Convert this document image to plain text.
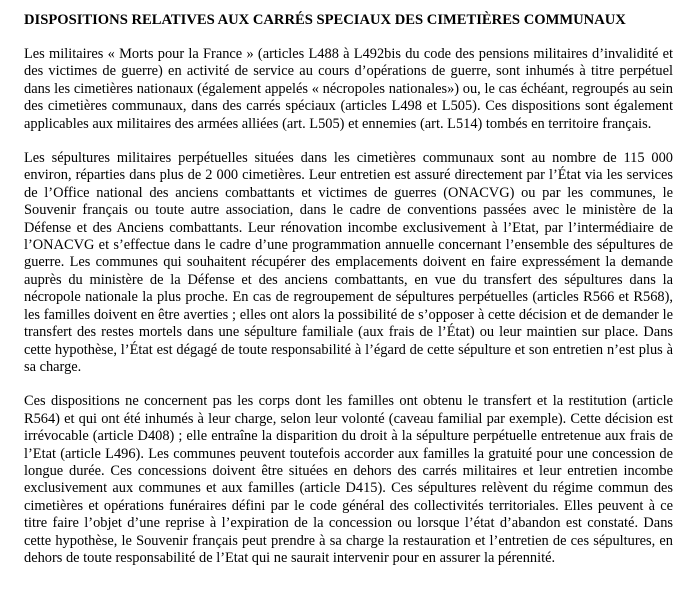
DISPOSITIONS RELATIVES AUX CARRÉS SPECIAUX DES CIMETIÈRES COMMUNAUX

Les militaires « Morts pour la France » (articles L488 à L492bis du code des pensions militaires d’invalidité et des victimes de guerre) en activité de service au cours d’opérations de guerre, sont inhumés à titre perpétuel dans les cimetières nationaux (également appelés « nécropoles nationales») ou, le cas échéant, regroupés au sein des cimetières communaux, dans des carrés spéciaux (articles L498 et L505). Ces dispositions sont également applicables aux militaires des armées alliées (art. L505) et ennemies (art. L514) tombés en territoire français.

Les sépultures militaires perpétuelles situées dans les cimetières communaux sont au nombre de 115 000 environ, réparties dans plus de 2 000 cimetières. Leur entretien est assuré directement par l’État via les services de l’Office national des anciens combattants et victimes de guerres (ONACVG) ou par les communes, le Souvenir français ou toute autre association, dans le cadre de conventions passées avec le ministère de la Défense et des Anciens combattants. Leur rénovation incombe exclusivement à l’Etat, par l’intermédiaire de l’ONACVG et s’effectue dans le cadre d’une programmation annuelle concernant l’ensemble des sépultures de guerre. Les communes qui souhaitent récupérer des emplacements doivent en faire expressément la demande auprès du ministère de la Défense et des anciens combattants, en vue du transfert des sépultures dans la nécropole nationale la plus proche. En cas de regroupement de sépultures perpétuelles (articles R566 et R568), les familles doivent en être averties ; elles ont alors la possibilité de s’opposer à cette décision et de demander le transfert des restes mortels dans une sépulture familiale (aux frais de l’État) ou leur maintien sur place. Dans cette hypothèse, l’État est dégagé de toute responsabilité à l’égard de cette sépulture et son entretien n’est plus à sa charge.

Ces dispositions ne concernent pas les corps dont les familles ont obtenu le transfert et la restitution (article R564) et qui ont été inhumés à leur charge, selon leur volonté (caveau familial par exemple). Cette décision est irrévocable (article D408) ; elle entraîne la disparition du droit à la sépulture perpétuelle entretenue aux frais de l’Etat (article L496). Les communes peuvent toutefois accorder aux familles la gratuité pour une concession de longue durée. Ces concessions doivent être situées en dehors des carrés militaires et leur entretien incombe exclusivement aux communes et aux familles (article D415). Ces sépultures relèvent du régime commun des cimetières et opérations funéraires défini par le code général des collectivités territoriales. Elles peuvent à ce titre faire l’objet d’une reprise à l’expiration de la concession ou lorsque l’état d’abandon est constaté. Dans cette hypothèse, le Souvenir français peut prendre à sa charge la restauration et l’entretien de ces sépultures, en dehors de toute responsabilité de l’Etat qui ne saurait intervenir pour en assurer la pérennité.
